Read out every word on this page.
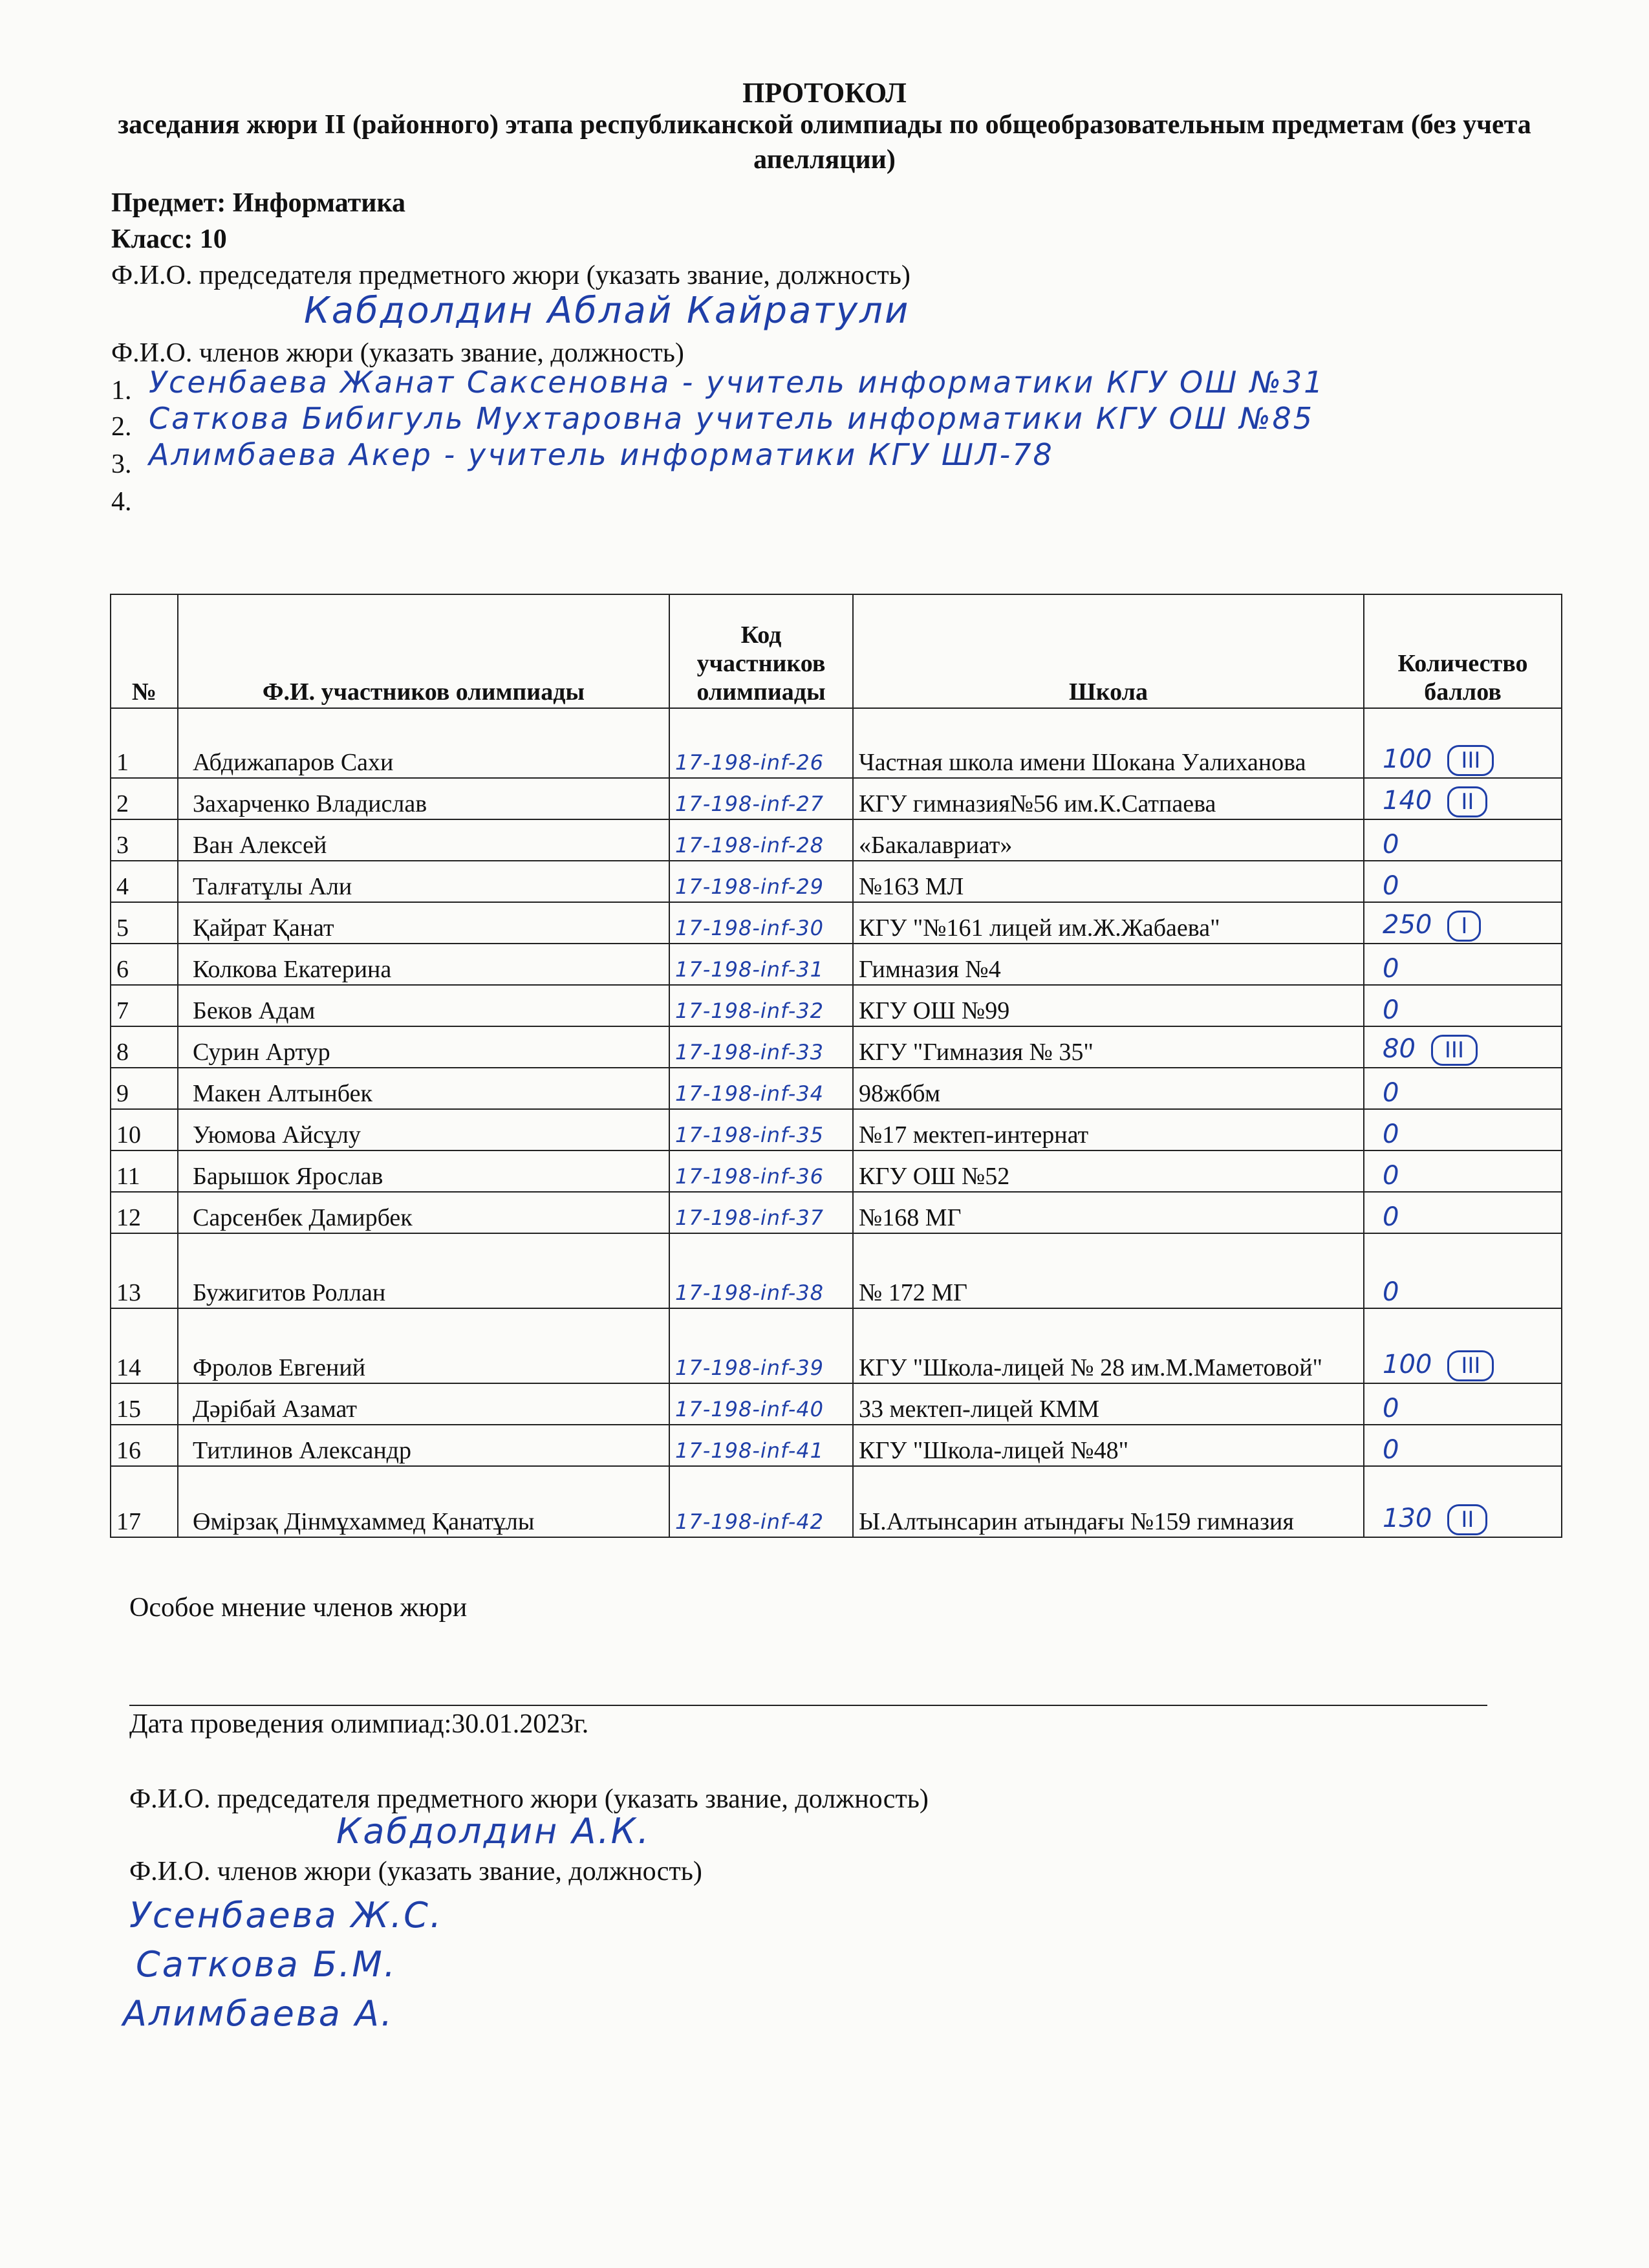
ПРОТОКОЛ
заседания жюри II (районного) этапа республиканской олимпиады по общеобразовательным предметам (без учета апелляции)
Предмет: Информатика
Класс: 10
Ф.И.О. председателя предметного жюри (указать звание, должность)
Кабдолдин Аблай Кайратули
Ф.И.О. членов жюри (указать звание, должность)
1. Усенбаева Жанат Саксеновна - учитель информатики КГУ ОШ №31
2. Саткова Бибигуль Мухтаровна учитель информатики КГУ ОШ №85
3. Алимбаева Акер - учитель информатики КГУ ШЛ-78
4.
№	Ф.И. участников олимпиады	Код участников олимпиады	Школа	Количество баллов
1	Абдижапаров Сахи	17-198-inf-26	Частная школа имени Шокана Уалиханова	100 III
2	Захарченко Владислав	17-198-inf-27	КГУ гимназия№56 им.К.Сатпаева	140 II
3	Ван Алексей	17-198-inf-28	«Бакалавриат»	0
4	Талғатұлы Али	17-198-inf-29	№163 МЛ	0
5	Қайрат Қанат	17-198-inf-30	КГУ "№161 лицей им.Ж.Жабаева"	250 I
6	Колкова Екатерина	17-198-inf-31	Гимназия №4	0
7	Беков Адам	17-198-inf-32	КГУ ОШ №99	0
8	Сурин Артур	17-198-inf-33	КГУ "Гимназия № 35"	80 III
9	Макен Алтынбек	17-198-inf-34	98жббм	0
10	Уюмова Айсұлу	17-198-inf-35	№17 мектеп-интернат	0
11	Барышок Ярослав	17-198-inf-36	КГУ ОШ №52	0
12	Сарсенбек Дамирбек	17-198-inf-37	№168 МГ	0
13	Бужигитов Роллан	17-198-inf-38	№ 172 МГ	0
14	Фролов Евгений	17-198-inf-39	КГУ "Школа-лицей № 28 им.М.Маметовой"	100 III
15	Дәрібай Азамат	17-198-inf-40	33 мектеп-лицей КММ	0
16	Титлинов Александр	17-198-inf-41	КГУ "Школа-лицей №48"	0
17	Өмірзақ Дінмұхаммед Қанатұлы	17-198-inf-42	Ы.Алтынсарин атындағы №159 гимназия	130 II
Особое мнение членов жюри
Дата проведения олимпиад:30.01.2023г.
Ф.И.О. председателя предметного жюри (указать звание, должность)
Кабдолдин А.К.
Ф.И.О. членов жюри (указать звание, должность)
Усенбаева Ж.С.
Саткова Б.М.
Алимбаева А.
